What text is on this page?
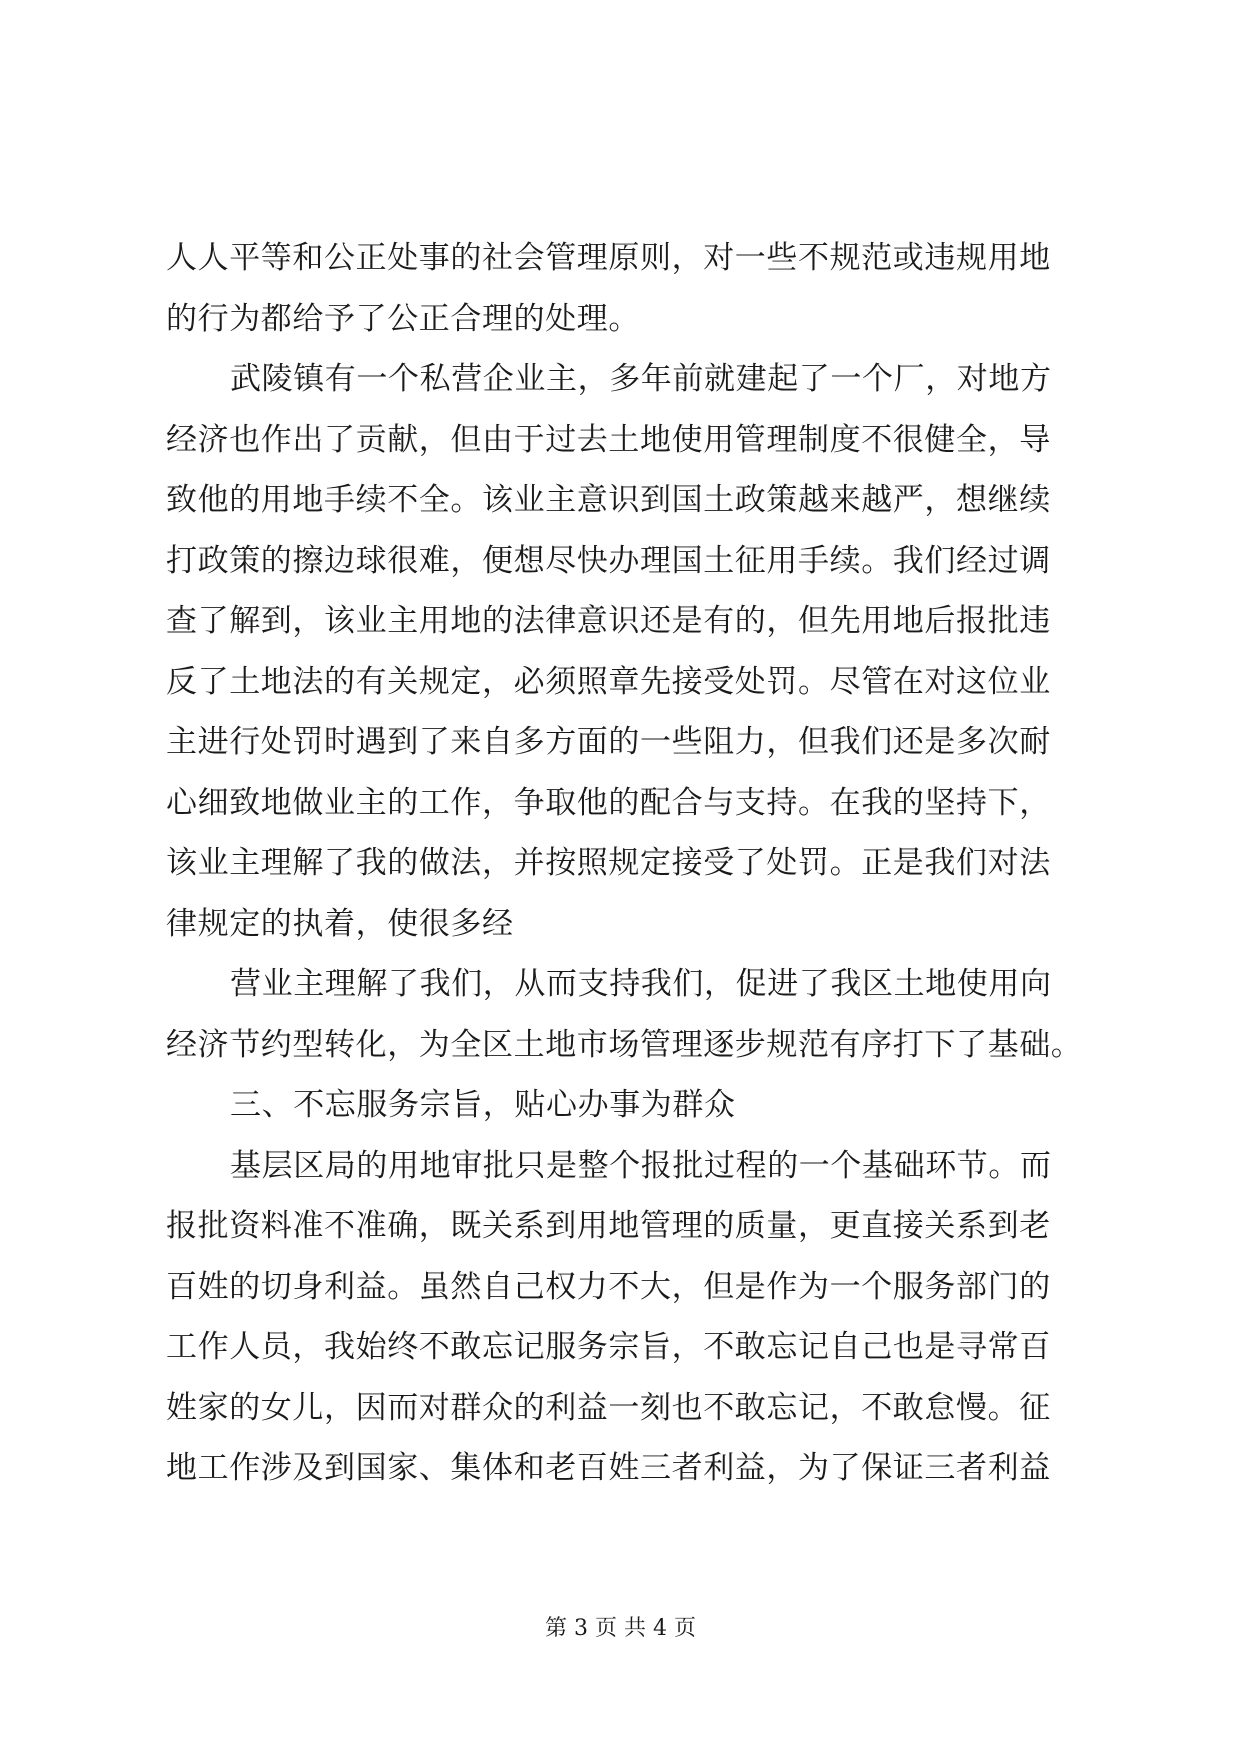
人人平等和公正处事的社会管理原则，对一些不规范或违规用地
的行为都给予了公正合理的处理。
武陵镇有一个私营企业主，多年前就建起了一个厂，对地方
经济也作出了贡献，但由于过去土地使用管理制度不很健全，导
致他的用地手续不全。该业主意识到国土政策越来越严，想继续
打政策的擦边球很难，便想尽快办理国土征用手续。我们经过调
查了解到，该业主用地的法律意识还是有的，但先用地后报批违
反了土地法的有关规定，必须照章先接受处罚。尽管在对这位业
主进行处罚时遇到了来自多方面的一些阻力，但我们还是多次耐
心细致地做业主的工作，争取他的配合与支持。在我的坚持下，
该业主理解了我的做法，并按照规定接受了处罚。正是我们对法
律规定的执着，使很多经
营业主理解了我们，从而支持我们，促进了我区土地使用向
经济节约型转化，为全区土地市场管理逐步规范有序打下了基础。
三、不忘服务宗旨，贴心办事为群众
基层区局的用地审批只是整个报批过程的一个基础环节。而
报批资料准不准确，既关系到用地管理的质量，更直接关系到老
百姓的切身利益。虽然自己权力不大，但是作为一个服务部门的
工作人员，我始终不敢忘记服务宗旨，不敢忘记自己也是寻常百
姓家的女儿，因而对群众的利益一刻也不敢忘记，不敢怠慢。征
地工作涉及到国家、集体和老百姓三者利益，为了保证三者利益
第 3 页 共 4 页
